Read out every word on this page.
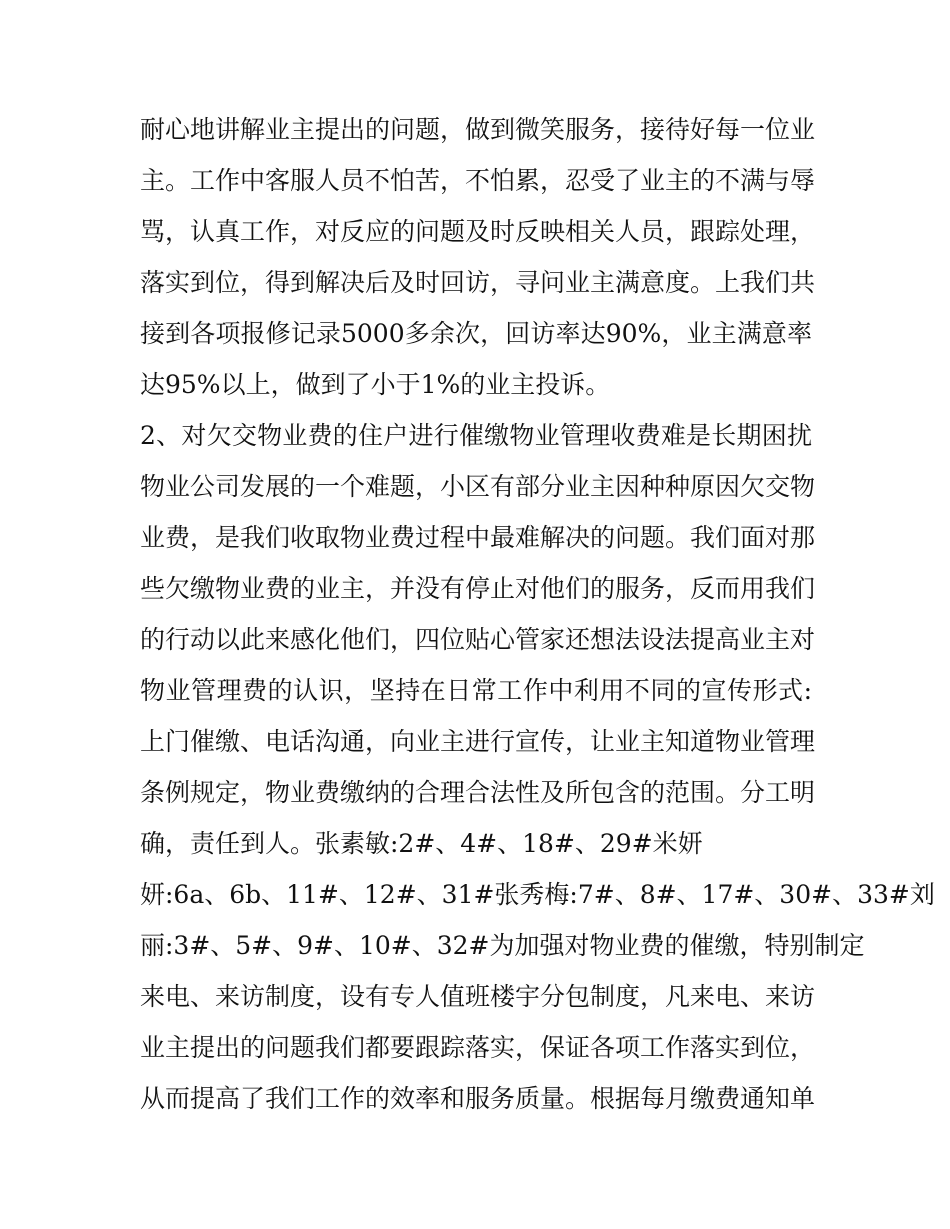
耐心地讲解业主提出的问题，做到微笑服务，接待好每一位业
主。工作中客服人员不怕苦，不怕累，忍受了业主的不满与辱
骂，认真工作，对反应的问题及时反映相关人员，跟踪处理，
落实到位，得到解决后及时回访，寻问业主满意度。上我们共
接到各项报修记录5000多余次，回访率达90%，业主满意率
达95%以上，做到了小于1%的业主投诉。
2、对欠交物业费的住户进行催缴物业管理收费难是长期困扰
物业公司发展的一个难题，小区有部分业主因种种原因欠交物
业费，是我们收取物业费过程中最难解决的问题。我们面对那
些欠缴物业费的业主，并没有停止对他们的服务，反而用我们
的行动以此来感化他们，四位贴心管家还想法设法提高业主对
物业管理费的认识，坚持在日常工作中利用不同的宣传形式:
上门催缴、电话沟通，向业主进行宣传，让业主知道物业管理
条例规定，物业费缴纳的合理合法性及所包含的范围。分工明
确，责任到人。张素敏:2#、4#、18#、29#米妍
妍:6a、6b、11#、12#、31#张秀梅:7#、8#、17#、30#、33#刘
丽:3#、5#、9#、10#、32#为加强对物业费的催缴，特别制定
来电、来访制度，设有专人值班楼宇分包制度，凡来电、来访
业主提出的问题我们都要跟踪落实，保证各项工作落实到位，
从而提高了我们工作的效率和服务质量。根据每月缴费通知单
